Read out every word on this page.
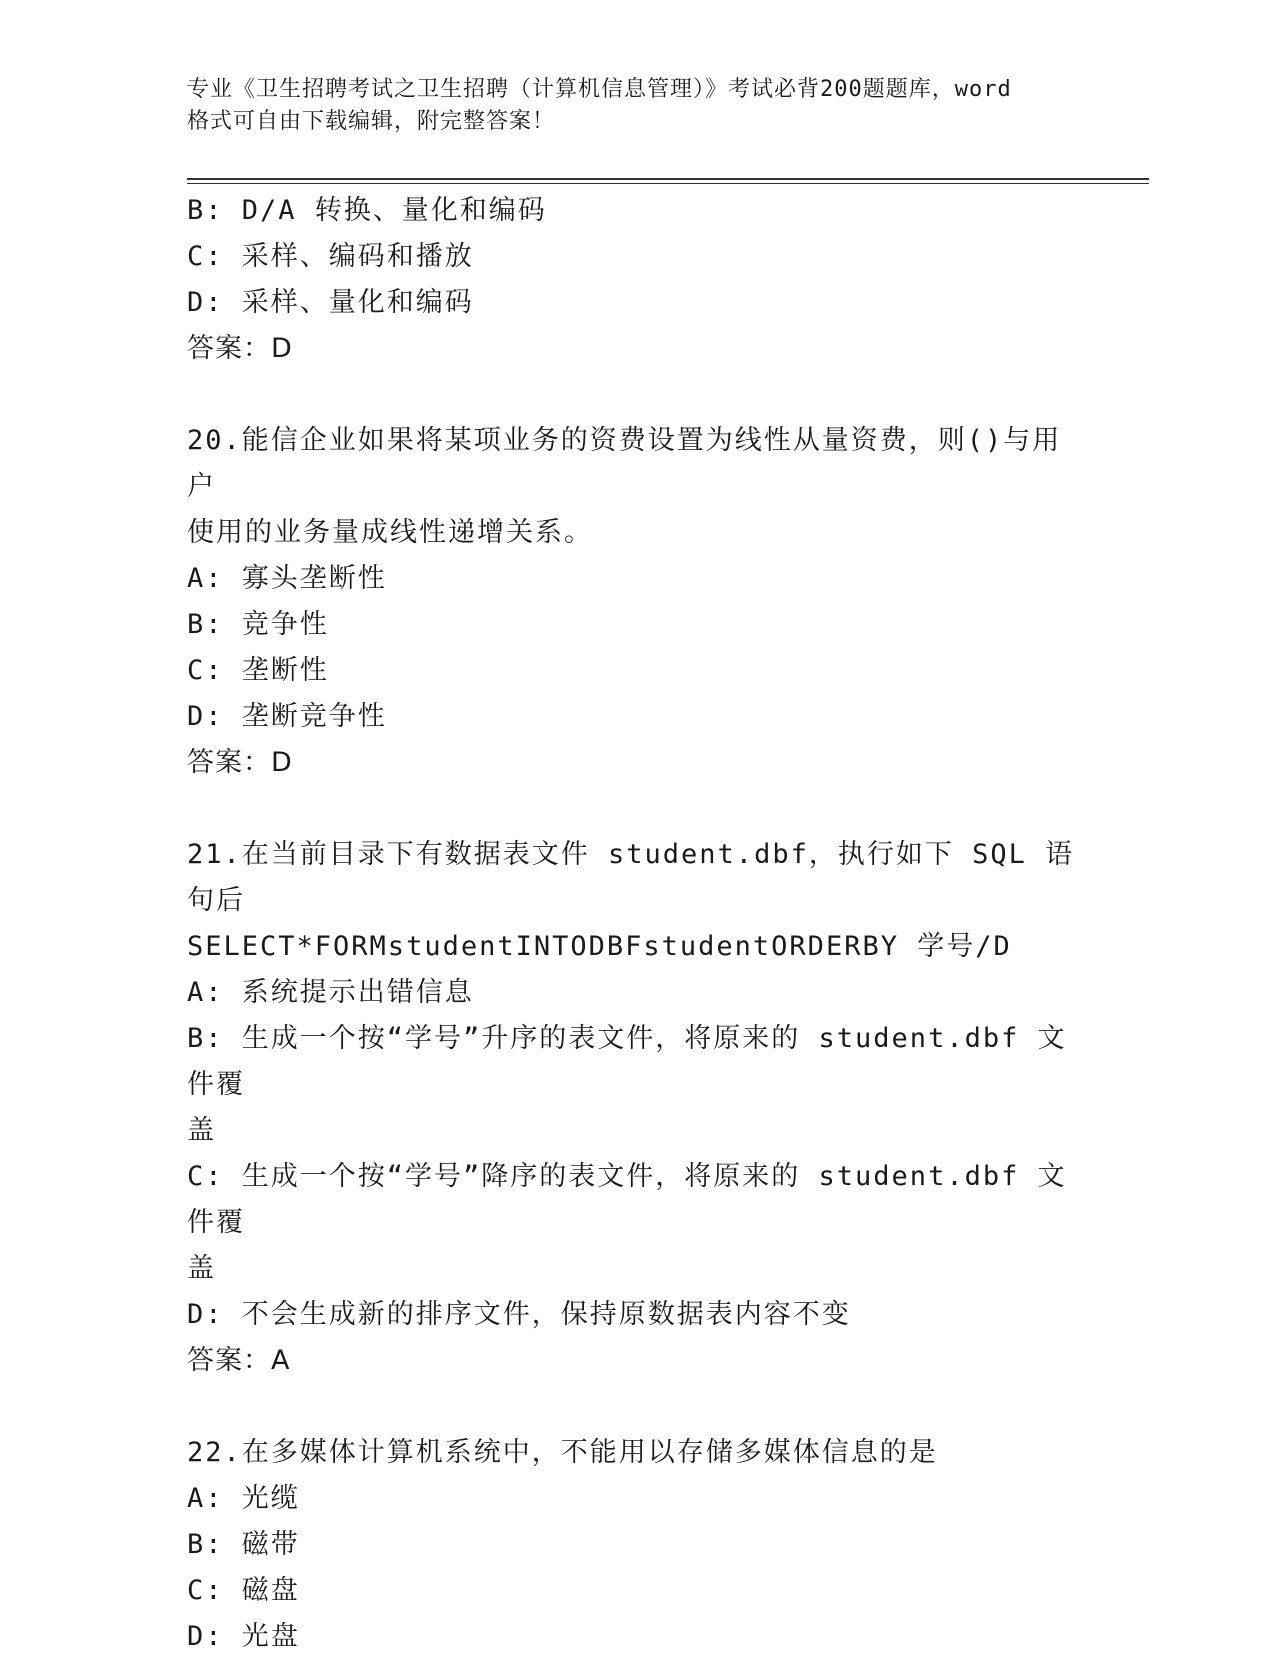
专业《卫生招聘考试之卫生招聘（计算机信息管理）》考试必背200题题库，word
格式可自由下载编辑，附完整答案！
B: D/A 转换、量化和编码
C: 采样、编码和播放
D: 采样、量化和编码
答案：D
20.能信企业如果将某项业务的资费设置为线性从量资费，则()与用户
使用的业务量成线性递增关系。
A: 寡头垄断性
B: 竞争性
C: 垄断性
D: 垄断竞争性
答案：D
21.在当前目录下有数据表文件 student.dbf，执行如下 SQL 语句后
SELECT*FORMstudentINTODBFstudentORDERBY 学号/D
A: 系统提示出错信息
B: 生成一个按“学号”升序的表文件，将原来的 student.dbf 文件覆
盖
C: 生成一个按“学号”降序的表文件，将原来的 student.dbf 文件覆
盖
D: 不会生成新的排序文件，保持原数据表内容不变
答案：A
22.在多媒体计算机系统中，不能用以存储多媒体信息的是
A: 光缆
B: 磁带
C: 磁盘
D: 光盘
